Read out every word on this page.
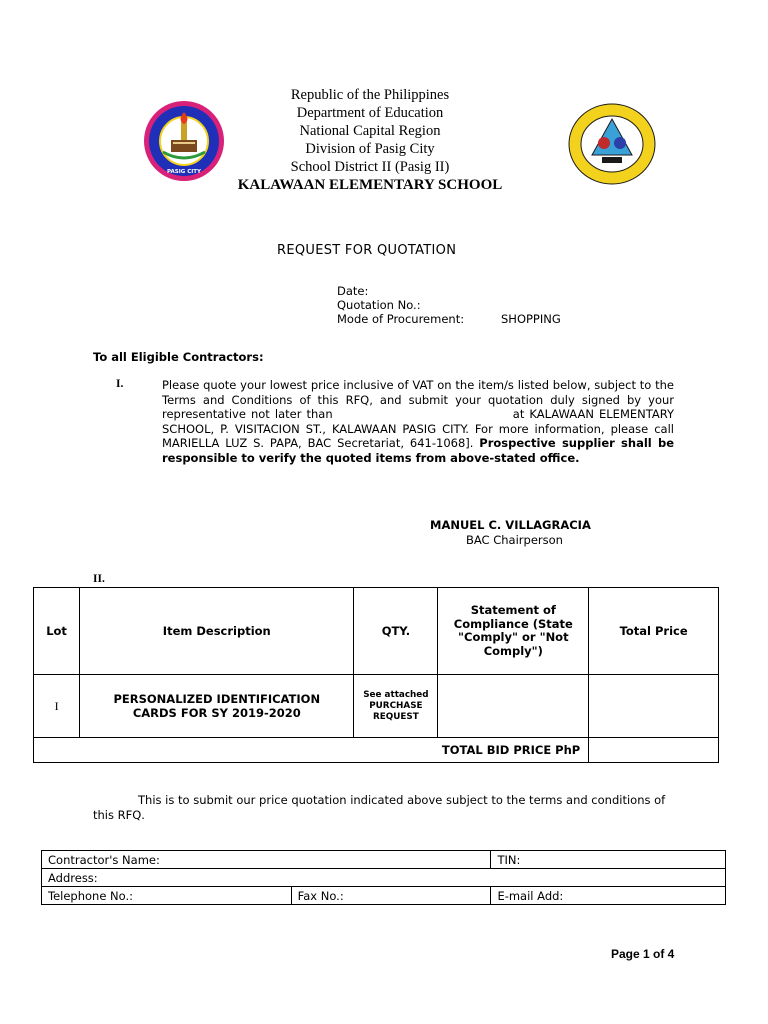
PASIG CITY
Republic of the Philippines
Department of Education
National Capital Region
Division of Pasig City
School District II (Pasig II)
KALAWAAN ELEMENTARY SCHOOL
REQUEST FOR QUOTATION
Date:
Quotation No.:
Mode of Procurement:	SHOPPING
To all Eligible Contractors:
I.	Please quote your lowest price inclusive of VAT on the item/s listed below, subject to the Terms and Conditions of this RFQ, and submit your quotation duly signed by your representative not later than	at KALAWAAN ELEMENTARY SCHOOL, P. VISITACION ST., KALAWAAN PASIG CITY. For more information, please call MARIELLA LUZ S. PAPA, BAC Secretariat, 641-1068]. Prospective supplier shall be responsible to verify the quoted items from above-stated office.
MANUEL C. VILLAGRACIA
BAC Chairperson
II.
Lot	Item Description	QTY.	Statement of Compliance (State "Comply" or "Not Comply")	Total Price
I	PERSONALIZED IDENTIFICATION CARDS FOR SY 2019-2020	See attached
PURCHASE
REQUEST		

TOTAL BID PRICE PhP				
This is to submit our price quotation indicated above subject to the terms and conditions of this RFQ.
Contractor's Name:		TIN:
Address:		
Telephone No.:	Fax No.:	E-mail Add:
Page 1 of 4
